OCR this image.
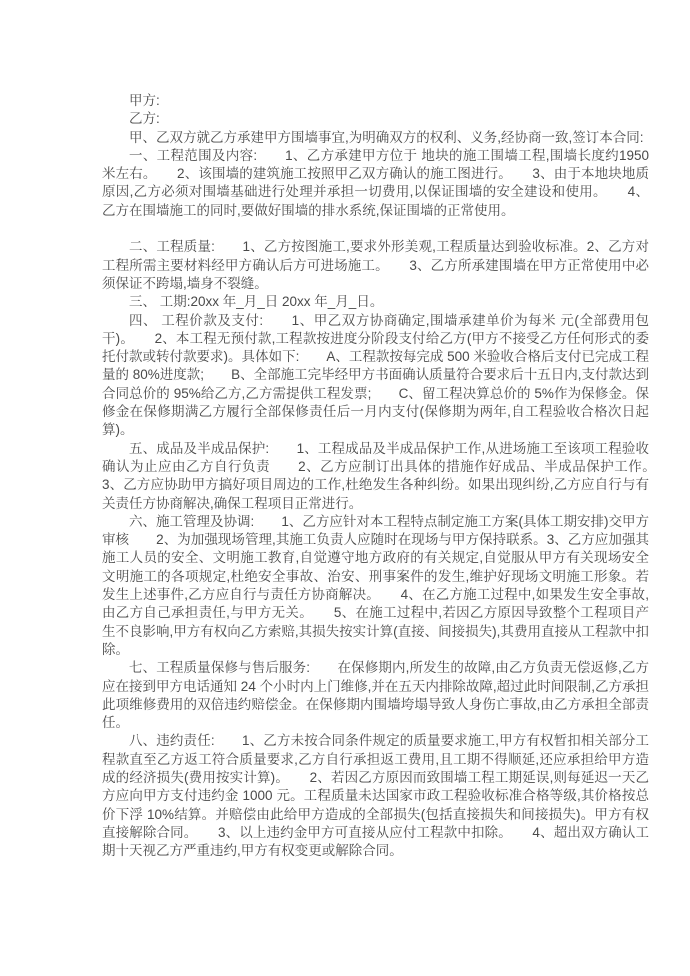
甲方:

乙方:

甲、乙双方就乙方承建甲方围墙事宜,为明确双方的权利、义务,经协商一致,签订本合同:

一、工程范围及内容:　　1、乙方承建甲方位于 地块的施工围墙工程,围墙长度约1950 米左右。　　2、该围墙的建筑施工按照甲乙双方确认的施工图进行。　　3、由于本地块地质原因,乙方必须对围墙基础进行处理并承担一切费用,以保证围墙的安全建设和使用。　　4、乙方在围墙施工的同时,要做好围墙的排水系统,保证围墙的正常使用。

二、工程质量:　　1、乙方按图施工,要求外形美观,工程质量达到验收标准。2、乙方对工程所需主要材料经甲方确认后方可进场施工。　　3、乙方所承建围墙在甲方正常使用中必须保证不跨塌,墙身不裂缝。

三、 工期:20xx 年_月_日 20xx 年_月_日。

四、 工程价款及支付:　　1、甲乙双方协商确定,围墙承建单价为每米 元(全部费用包干)。　　2、本工程无预付款,工程款按进度分阶段支付给乙方(甲方不接受乙方任何形式的委托付款或转付款要求)。具体如下:　　A、工程款按每完成 500 米验收合格后支付已完成工程量的 80%进度款;　　B、全部施工完毕经甲方书面确认质量符合要求后十五日内,支付款达到合同总价的 95%给乙方,乙方需提供工程发票;　　C、留工程决算总价的 5%作为保修金。保修金在保修期满乙方履行全部保修责任后一月内支付(保修期为两年,自工程验收合格次日起算)。

五、成品及半成品保护:　　1、工程成品及半成品保护工作,从进场施工至该项工程验收确认为止应由乙方自行负责　　2、乙方应制订出具体的措施作好成品、半成品保护工作。　　3、乙方应协助甲方搞好项目周边的工作,杜绝发生各种纠纷。如果出现纠纷,乙方应自行与有关责任方协商解决,确保工程项目正常进行。

六、施工管理及协调:　　1、乙方应针对本工程特点制定施工方案(具体工期安排)交甲方审核　　2、为加强现场管理,其施工负责人应随时在现场与甲方保持联系。3、乙方应加强其施工人员的安全、文明施工教育,自觉遵守地方政府的有关规定,自觉服从甲方有关现场安全文明施工的各项规定,杜绝安全事故、治安、刑事案件的发生,维护好现场文明施工形象。若发生上述事件,乙方应自行与责任方协商解决。　　4、在乙方施工过程中,如果发生安全事故,由乙方自己承担责任,与甲方无关。　　5、在施工过程中,若因乙方原因导致整个工程项目产生不良影响,甲方有权向乙方索赔,其损失按实计算(直接、间接损失),其费用直接从工程款中扣除。

七、工程质量保修与售后服务:　　在保修期内,所发生的故障,由乙方负责无偿返修,乙方应在接到甲方电话通知 24 个小时内上门维修,并在五天内排除故障,超过此时间限制,乙方承担此项维修费用的双倍违约赔偿金。在保修期内围墙垮塌导致人身伤亡事故,由乙方承担全部责任。

八、违约责任:　　1、乙方未按合同条件规定的质量要求施工,甲方有权暂扣相关部分工程款直至乙方返工符合质量要求,乙方自行承担返工费用,且工期不得顺延,还应承担给甲方造成的经济损失(费用按实计算)。　　2、若因乙方原因而致围墙工程工期延误,则每延迟一天乙方应向甲方支付违约金 1000 元。工程质量未达国家市政工程验收标准合格等级,其价格按总价下浮 10%结算。并赔偿由此给甲方造成的全部损失(包括直接损失和间接损失)。甲方有权直接解除合同。　　3、以上违约金甲方可直接从应付工程款中扣除。　　4、超出双方确认工期十天视乙方严重违约,甲方有权变更或解除合同。
